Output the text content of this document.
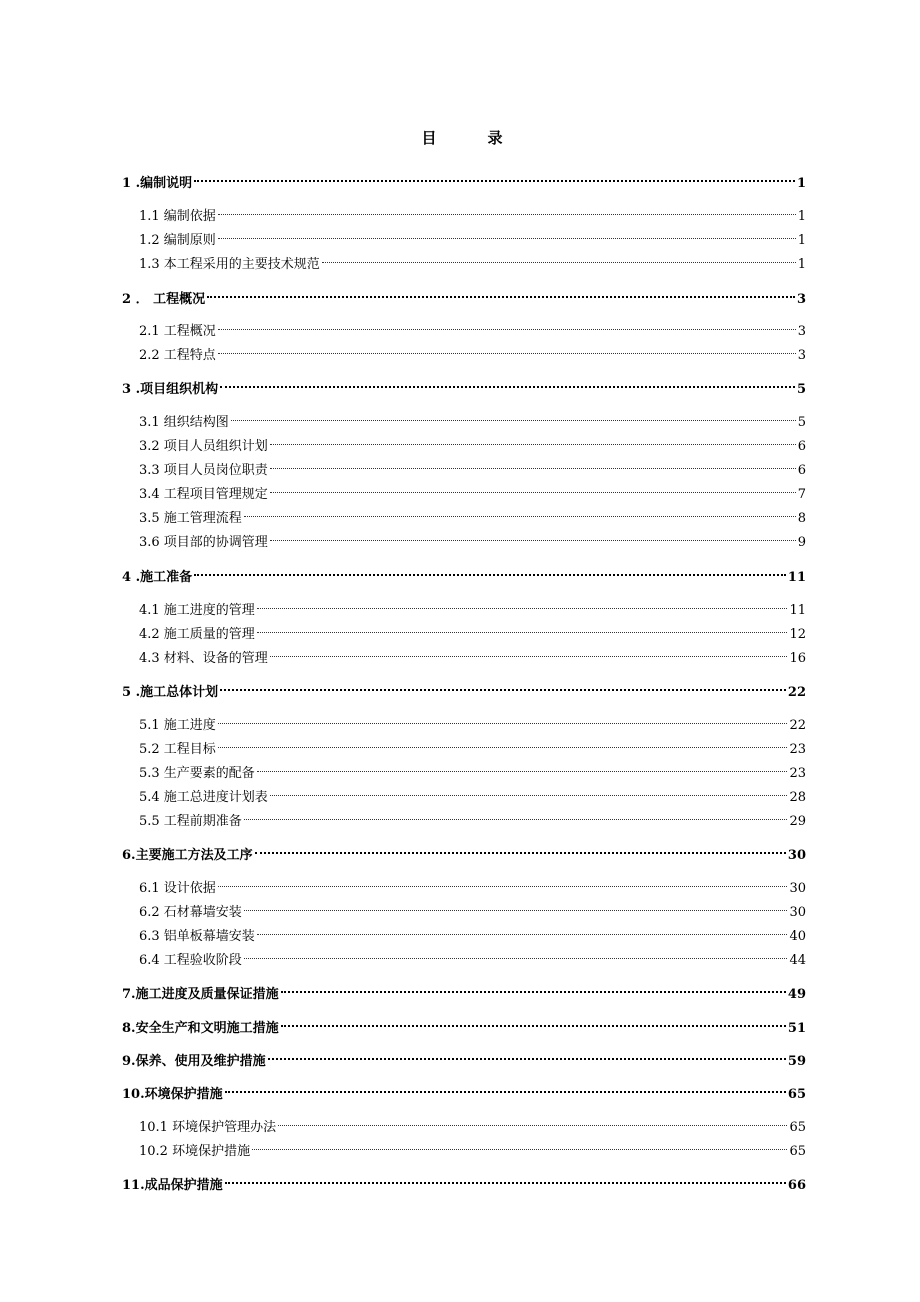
目　录
1 .编制说明	1
1.1 编制依据	1
1.2 编制原则	1
1.3 本工程采用的主要技术规范	1
2 ． 工程概况	3
2.1 工程概况	3
2.2 工程特点	3
3 .项目组织机构	5
3.1 组织结构图	5
3.2 项目人员组织计划	6
3.3 项目人员岗位职责	6
3.4 工程项目管理规定	7
3.5 施工管理流程	8
3.6 项目部的协调管理	9
4 .施工准备	11
4.1 施工进度的管理	11
4.2 施工质量的管理	12
4.3 材料、设备的管理	16
5 .施工总体计划	22
5.1 施工进度	22
5.2 工程目标	23
5.3 生产要素的配备	23
5.4 施工总进度计划表	28
5.5 工程前期准备	29
6.主要施工方法及工序	30
6.1 设计依据	30
6.2 石材幕墙安装	30
6.3 铝单板幕墙安装	40
6.4 工程验收阶段	44
7.施工进度及质量保证措施	49
8.安全生产和文明施工措施	51
9.保养、使用及维护措施	59
10.环境保护措施	65
10.1 环境保护管理办法	65
10.2 环境保护措施	65
11.成品保护措施	66
